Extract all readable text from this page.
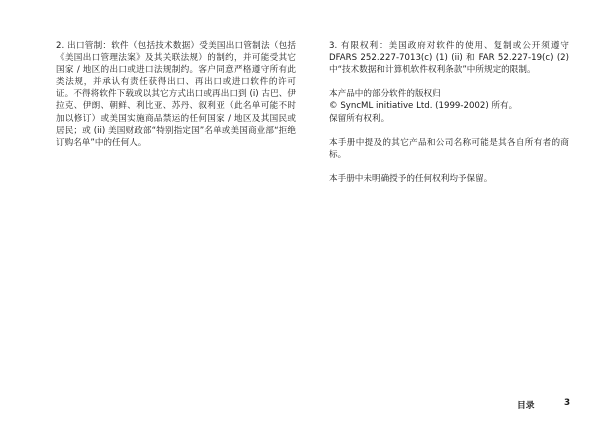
2. 出口管制：软件（包括技术数据）受美国出口管制法（包括《美国出口管理法案》及其关联法规）的制约，并可能受其它国家 / 地区的出口或进口法规制约。客户同意严格遵守所有此类法规，并承认有责任获得出口、再出口或进口软件的许可证。不得将软件下载或以其它方式出口或再出口到 (i) 古巴、伊拉克、伊朗、朝鲜、利比亚、苏丹、叙利亚（此名单可能不时加以修订）或美国实施商品禁运的任何国家 / 地区及其国民或居民；或 (ii) 美国财政部“特别指定国”名单或美国商业部“拒绝订购名单”中的任何人。

3. 有限权利：美国政府对软件的使用、复制或公开须遵守 DFARS 252.227-7013(c) (1) (ii) 和 FAR 52.227-19(c) (2) 中“技术数据和计算机软件权利条款”中所规定的限制。

本产品中的部分软件的版权归

© SyncML initiative Ltd. (1999-2002) 所有。

保留所有权利。

本手册中提及的其它产品和公司名称可能是其各自所有者的商标。

本手册中未明确授予的任何权利均予保留。

目录	3
